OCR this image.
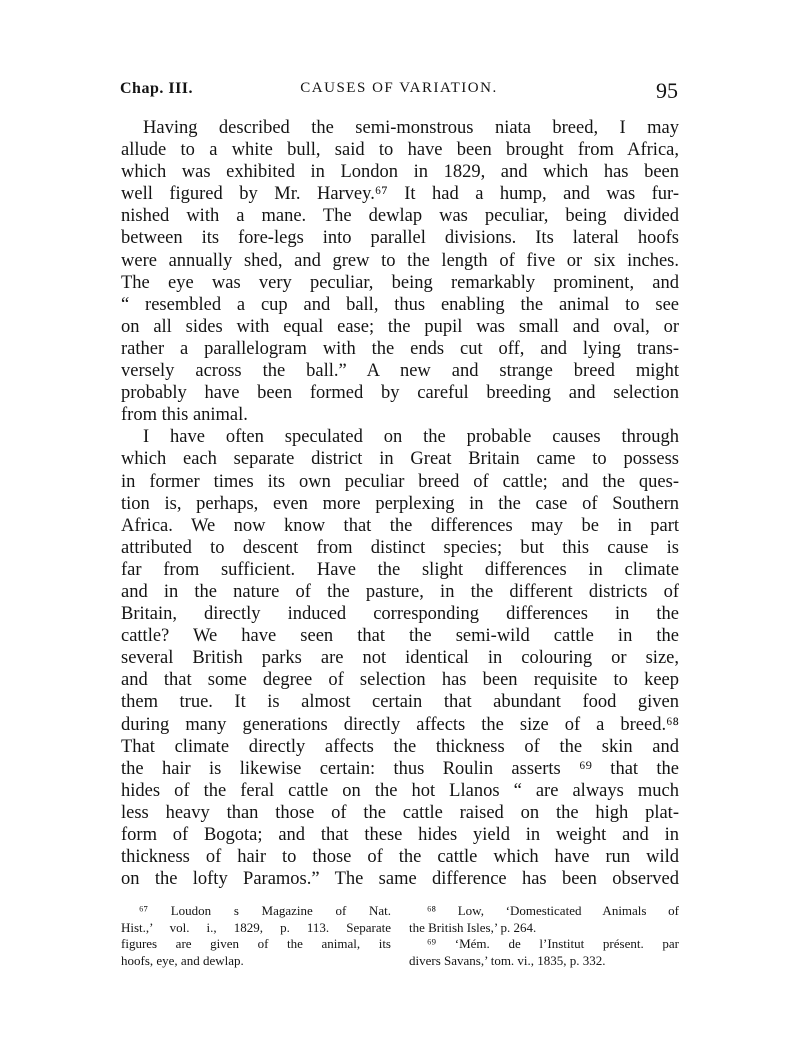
Chap. III.	CAUSES OF VARIATION.	95
Having described the semi-monstrous niata breed, I may
allude to a white bull, said to have been brought from Africa,
which was exhibited in London in 1829, and which has been
well figured by Mr. Harvey.⁶⁷ It had a hump, and was fur-
nished with a mane. The dewlap was peculiar, being divided
between its fore-legs into parallel divisions. Its lateral hoofs
were annually shed, and grew to the length of five or six inches.
The eye was very peculiar, being remarkably prominent, and
“ resembled a cup and ball, thus enabling the animal to see
on all sides with equal ease; the pupil was small and oval, or
rather a parallelogram with the ends cut off, and lying trans-
versely across the ball.” A new and strange breed might
probably have been formed by careful breeding and selection
from this animal.
I have often speculated on the probable causes through
which each separate district in Great Britain came to possess
in former times its own peculiar breed of cattle; and the ques-
tion is, perhaps, even more perplexing in the case of Southern
Africa. We now know that the differences may be in part
attributed to descent from distinct species; but this cause is
far from sufficient. Have the slight differences in climate
and in the nature of the pasture, in the different districts of
Britain, directly induced corresponding differences in the
cattle? We have seen that the semi-wild cattle in the
several British parks are not identical in colouring or size,
and that some degree of selection has been requisite to keep
them true. It is almost certain that abundant food given
during many generations directly affects the size of a breed.⁶⁸
That climate directly affects the thickness of the skin and
the hair is likewise certain: thus Roulin asserts ⁶⁹ that the
hides of the feral cattle on the hot Llanos “ are always much
less heavy than those of the cattle raised on the high plat-
form of Bogota; and that these hides yield in weight and in
thickness of hair to those of the cattle which have run wild
on the lofty Paramos.” The same difference has been observed
⁶⁷ Loudon s Magazine of Nat.
Hist.,’ vol. i., 1829, p. 113. Separate
figures are given of the animal, its
hoofs, eye, and dewlap.
⁶⁸ Low, ‘Domesticated Animals of
the British Isles,’ p. 264.
⁶⁹ ‘Mém. de l’Institut présent. par
divers Savans,’ tom. vi., 1835, p. 332.
